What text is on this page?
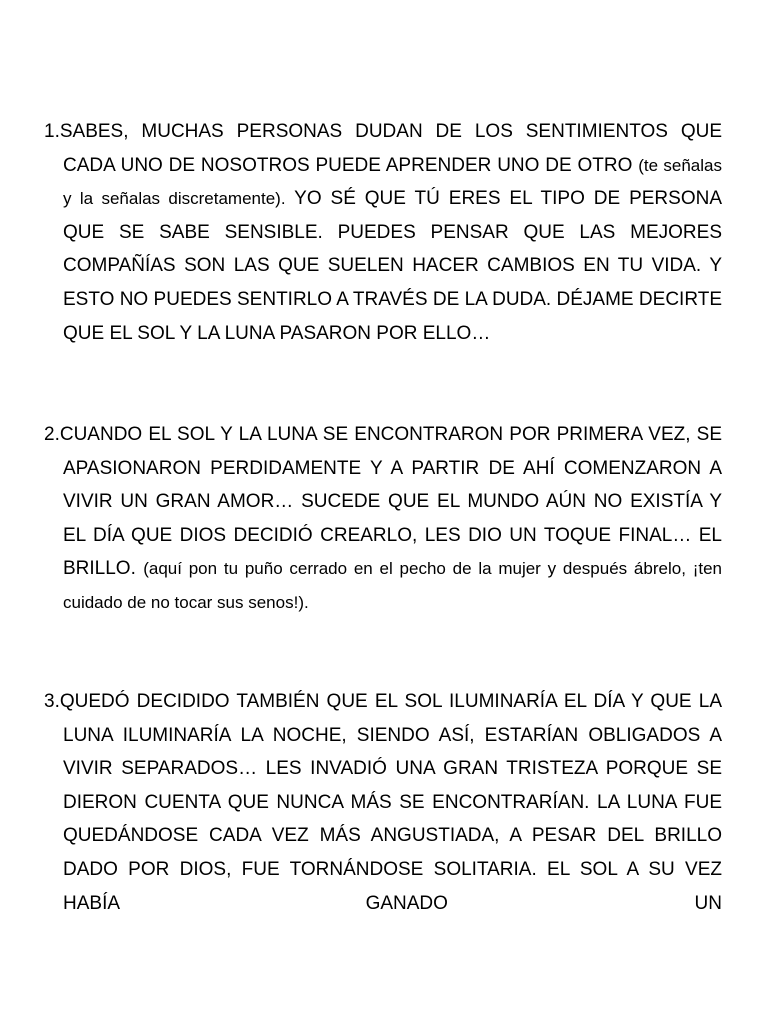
1.SABES, MUCHAS PERSONAS DUDAN DE LOS SENTIMIENTOS QUE CADA UNO DE NOSOTROS PUEDE APRENDER UNO DE OTRO (te señalas y la señalas discretamente). YO SÉ QUE TÚ ERES EL TIPO DE PERSONA QUE SE SABE SENSIBLE. PUEDES PENSAR QUE LAS MEJORES COMPAÑÍAS SON LAS QUE SUELEN HACER CAMBIOS EN TU VIDA. Y ESTO NO PUEDES SENTIRLO A TRAVÉS DE LA DUDA. DÉJAME DECIRTE QUE EL SOL Y LA LUNA PASARON POR ELLO…

2.CUANDO EL SOL Y LA LUNA SE ENCONTRARON POR PRIMERA VEZ, SE APASIONARON PERDIDAMENTE Y A PARTIR DE AHÍ COMENZARON A VIVIR UN GRAN AMOR… SUCEDE QUE EL MUNDO AÚN NO EXISTÍA Y EL DÍA QUE DIOS DECIDIÓ CREARLO, LES DIO UN TOQUE FINAL… EL BRILLO. (aquí pon tu puño cerrado en el pecho de la mujer y después ábrelo, ¡ten cuidado de no tocar sus senos!).

3.QUEDÓ DECIDIDO TAMBIÉN QUE EL SOL ILUMINARÍA EL DÍA Y QUE LA LUNA ILUMINARÍA LA NOCHE, SIENDO ASÍ, ESTARÍAN OBLIGADOS A VIVIR SEPARADOS… LES INVADIÓ UNA GRAN TRISTEZA PORQUE SE DIERON CUENTA QUE NUNCA MÁS SE ENCONTRARÍAN. LA LUNA FUE QUEDÁNDOSE CADA VEZ MÁS ANGUSTIADA, A PESAR DEL BRILLO DADO POR DIOS, FUE TORNÁNDOSE SOLITARIA. EL SOL A SU VEZ HABÍA GANADO UN
